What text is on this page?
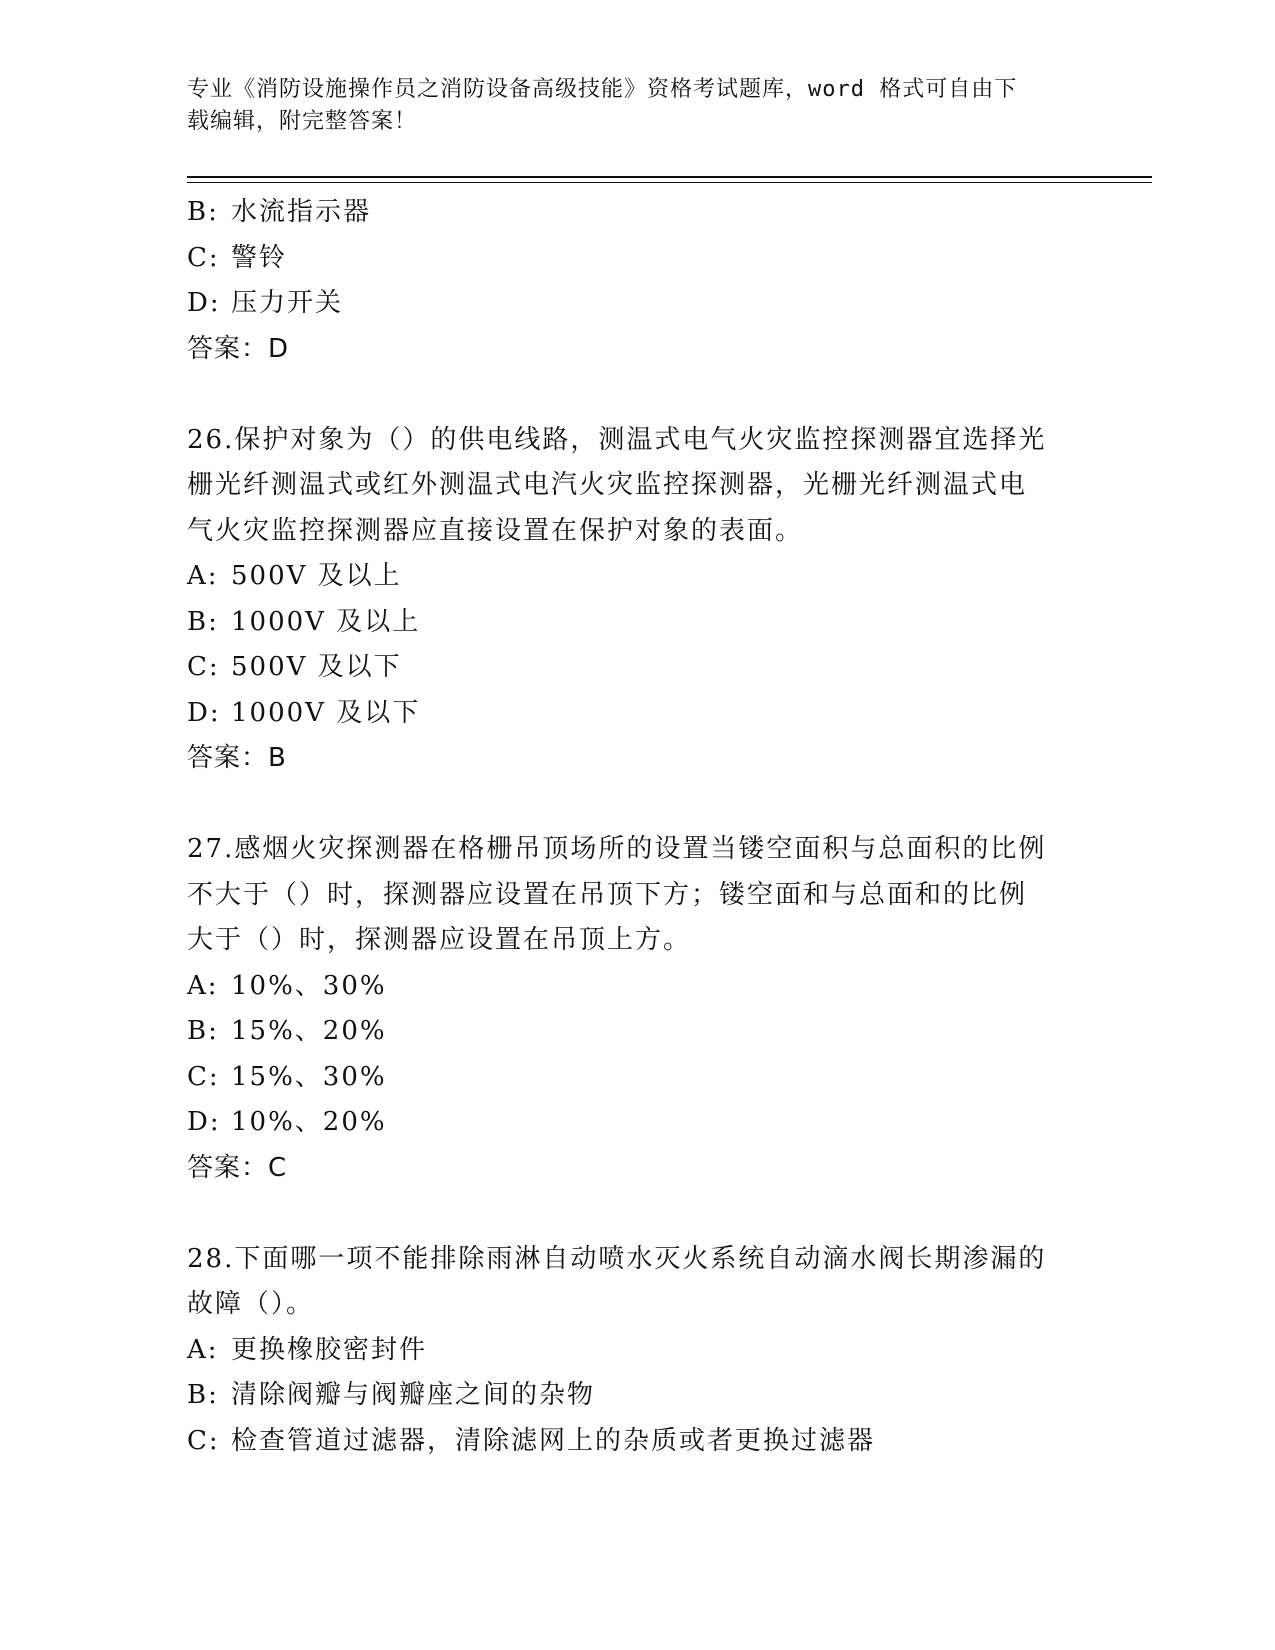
专业《消防设施操作员之消防设备高级技能》资格考试题库，word 格式可自由下
载编辑，附完整答案！
B: 水流指示器
C: 警铃
D: 压力开关
答案：D
26.保护对象为（）的供电线路，测温式电气火灾监控探测器宜选择光
栅光纤测温式或红外测温式电汽火灾监控探测器，光栅光纤测温式电
气火灾监控探测器应直接设置在保护对象的表面。
A: 500V 及以上
B: 1000V 及以上
C: 500V 及以下
D: 1000V 及以下
答案：B
27.感烟火灾探测器在格栅吊顶场所的设置当镂空面积与总面积的比例
不大于（）时，探测器应设置在吊顶下方；镂空面和与总面和的比例
大于（）时，探测器应设置在吊顶上方。
A: 10%、30%
B: 15%、20%
C: 15%、30%
D: 10%、20%
答案：C
28.下面哪一项不能排除雨淋自动喷水灭火系统自动滴水阀长期渗漏的
故障（）。
A: 更换橡胶密封件
B: 清除阀瓣与阀瓣座之间的杂物
C: 检查管道过滤器，清除滤网上的杂质或者更换过滤器
